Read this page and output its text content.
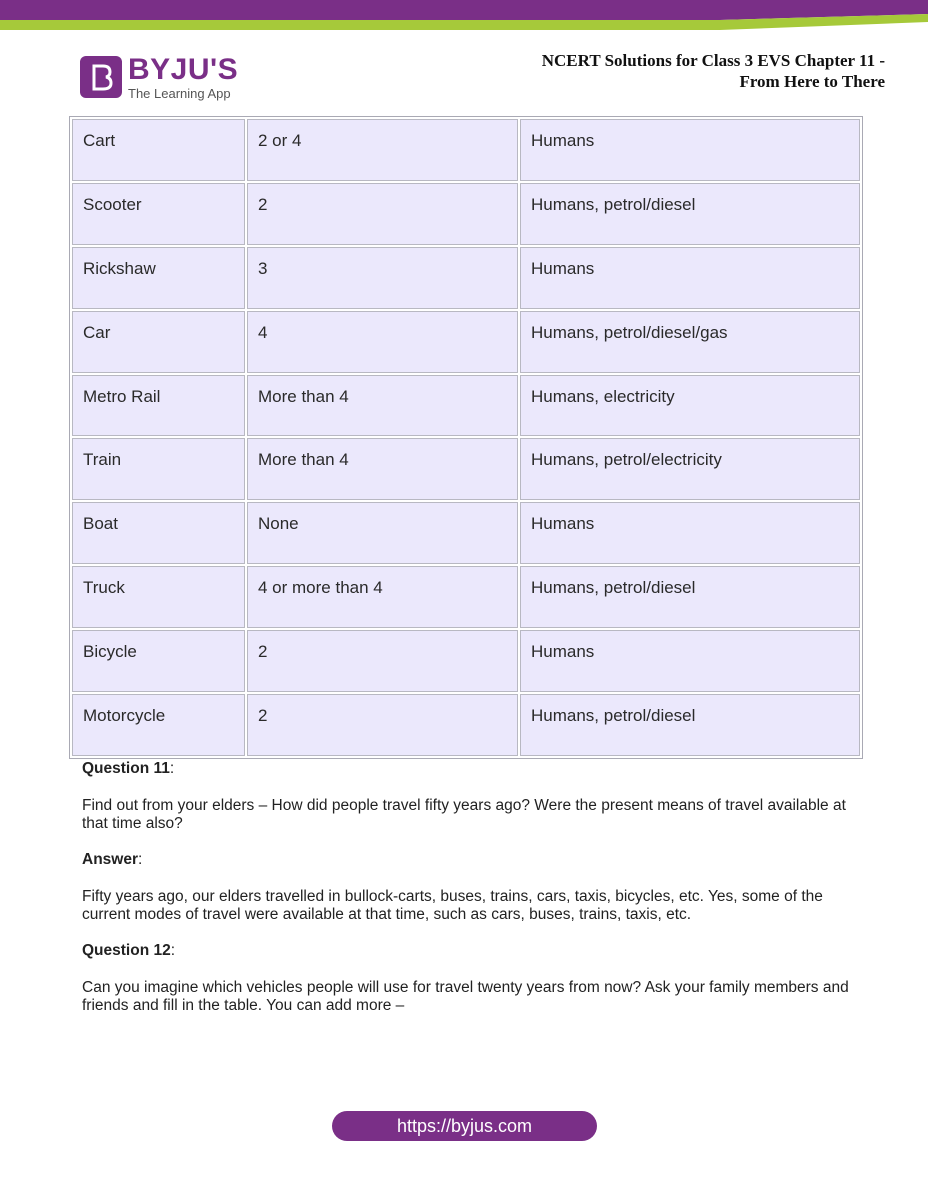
BYJU'S
The Learning App
NCERT Solutions for Class 3 EVS Chapter 11 -
From Here to There
Cart	2 or 4	Humans
Scooter	2	Humans, petrol/diesel
Rickshaw	3	Humans
Car	4	Humans, petrol/diesel/gas
Metro Rail	More than 4	Humans, electricity
Train	More than 4	Humans, petrol/electricity
Boat	None	Humans
Truck	4 or more than 4	Humans, petrol/diesel
Bicycle	2	Humans
Motorcycle	2	Humans, petrol/diesel
Question 11:
Find out from your elders – How did people travel fifty years ago? Were the present means of travel available at that time also?
Answer:
Fifty years ago, our elders travelled in bullock-carts, buses, trains, cars, taxis, bicycles, etc. Yes, some of the current modes of travel were available at that time, such as cars, buses, trains, taxis, etc.
Question 12:
Can you imagine which vehicles people will use for travel twenty years from now? Ask your family members and friends and fill in the table. You can add more –
https://byjus.com
